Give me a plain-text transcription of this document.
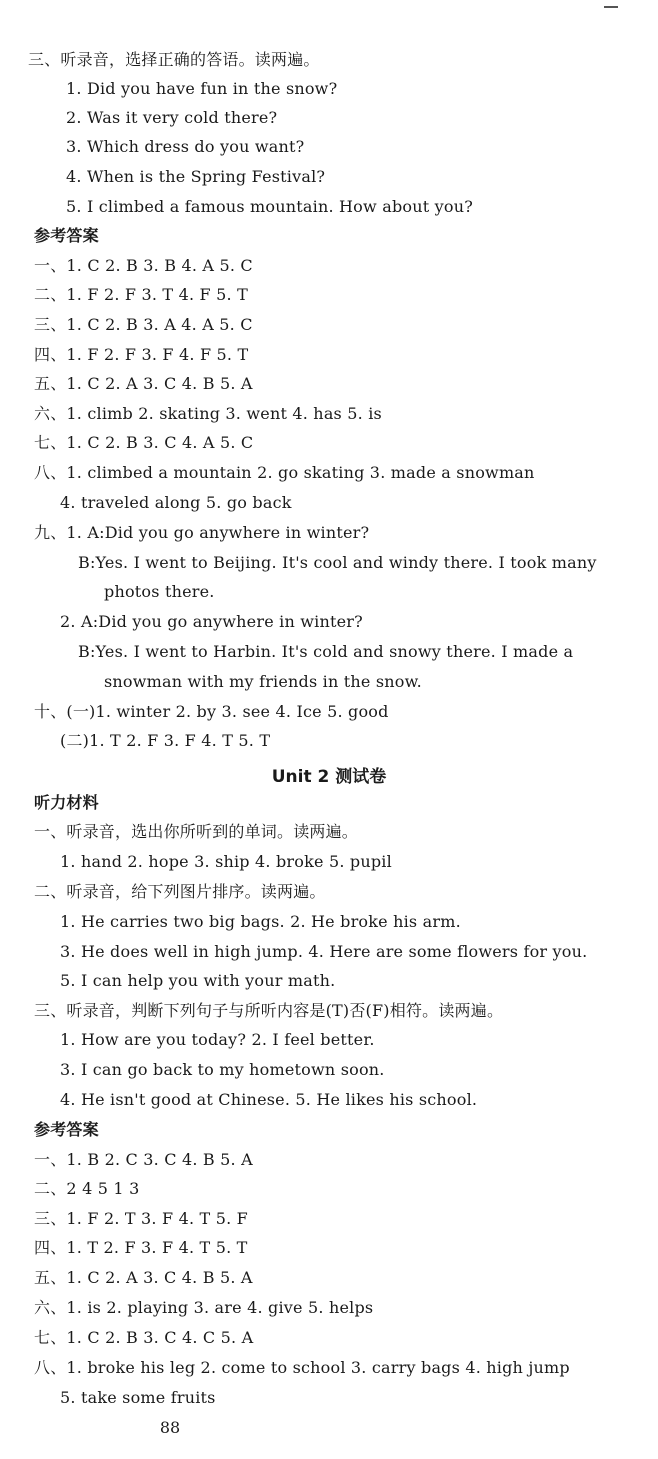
三、听录音，选择正确的答语。读两遍。
1. Did you have fun in the snow?
2. Was it very cold there?
3. Which dress do you want?
4. When is the Spring Festival?
5. I climbed a famous mountain. How about you?
参考答案
一、1. C 2. B 3. B 4. A 5. C
二、1. F 2. F 3. T 4. F 5. T
三、1. C 2. B 3. A 4. A 5. C
四、1. F 2. F 3. F 4. F 5. T
五、1. C 2. A 3. C 4. B 5. A
六、1. climb 2. skating 3. went 4. has 5. is
七、1. C 2. B 3. C 4. A 5. C
八、1. climbed a mountain 2. go skating 3. made a snowman
4. traveled along 5. go back
九、1. A:Did you go anywhere in winter?
B:Yes. I went to Beijing. It's cool and windy there. I took many
photos there.
2. A:Did you go anywhere in winter?
B:Yes. I went to Harbin. It's cold and snowy there. I made a
snowman with my friends in the snow.
十、(一)1. winter 2. by 3. see 4. Ice 5. good
(二)1. T 2. F 3. F 4. T 5. T
Unit 2 测试卷
听力材料
一、听录音，选出你所听到的单词。读两遍。
1. hand 2. hope 3. ship 4. broke 5. pupil
二、听录音，给下列图片排序。读两遍。
1. He carries two big bags. 2. He broke his arm.
3. He does well in high jump. 4. Here are some flowers for you.
5. I can help you with your math.
三、听录音，判断下列句子与所听内容是(T)否(F)相符。读两遍。
1. How are you today? 2. I feel better.
3. I can go back to my hometown soon.
4. He isn't good at Chinese. 5. He likes his school.
参考答案
一、1. B 2. C 3. C 4. B 5. A
二、2 4 5 1 3
三、1. F 2. T 3. F 4. T 5. F
四、1. T 2. F 3. F 4. T 5. T
五、1. C 2. A 3. C 4. B 5. A
六、1. is 2. playing 3. are 4. give 5. helps
七、1. C 2. B 3. C 4. C 5. A
八、1. broke his leg 2. come to school 3. carry bags 4. high jump
5. take some fruits
88
